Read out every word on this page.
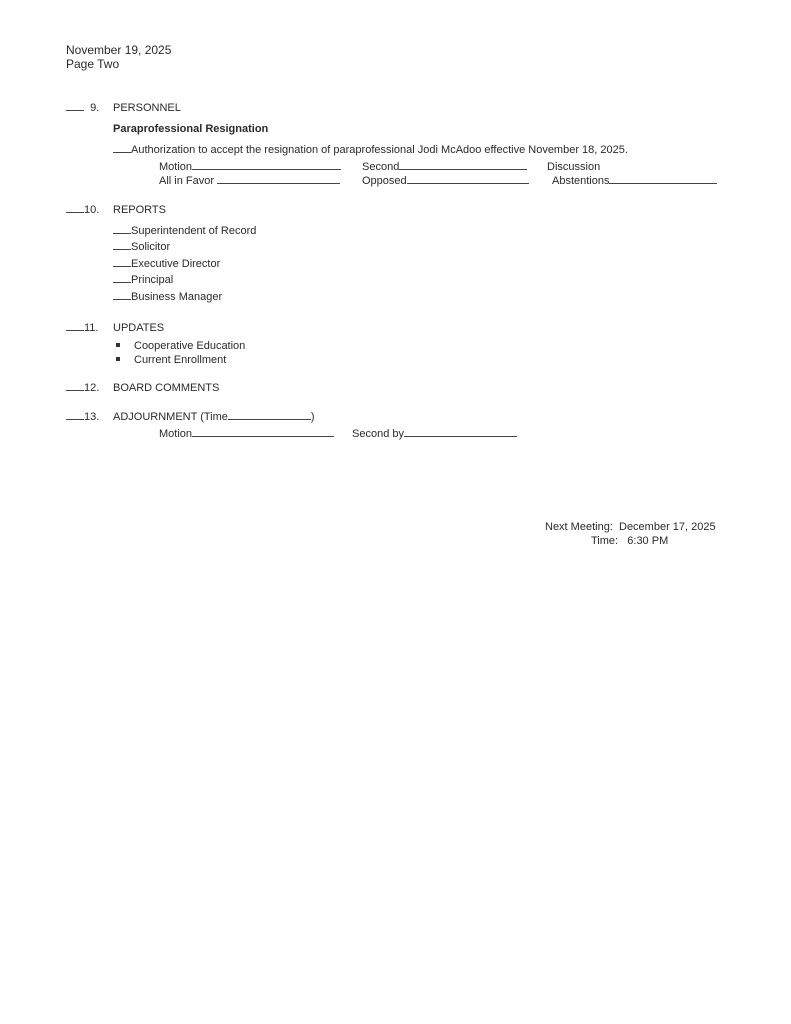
November 19, 2025
Page Two
9. PERSONNEL
Paraprofessional Resignation
Authorization to accept the resignation of paraprofessional Jodi McAdoo effective November 18, 2025.
Motion	Second	Discussion
All in Favor	Opposed	Abstentions
10. REPORTS
Superintendent of Record
Solicitor
Executive Director
Principal
Business Manager
11. UPDATES
Cooperative Education
Current Enrollment
12. BOARD COMMENTS
13. ADJOURNMENT (Time	)
Motion	Second by
Next Meeting: December 17, 2025
Time: 6:30 PM
